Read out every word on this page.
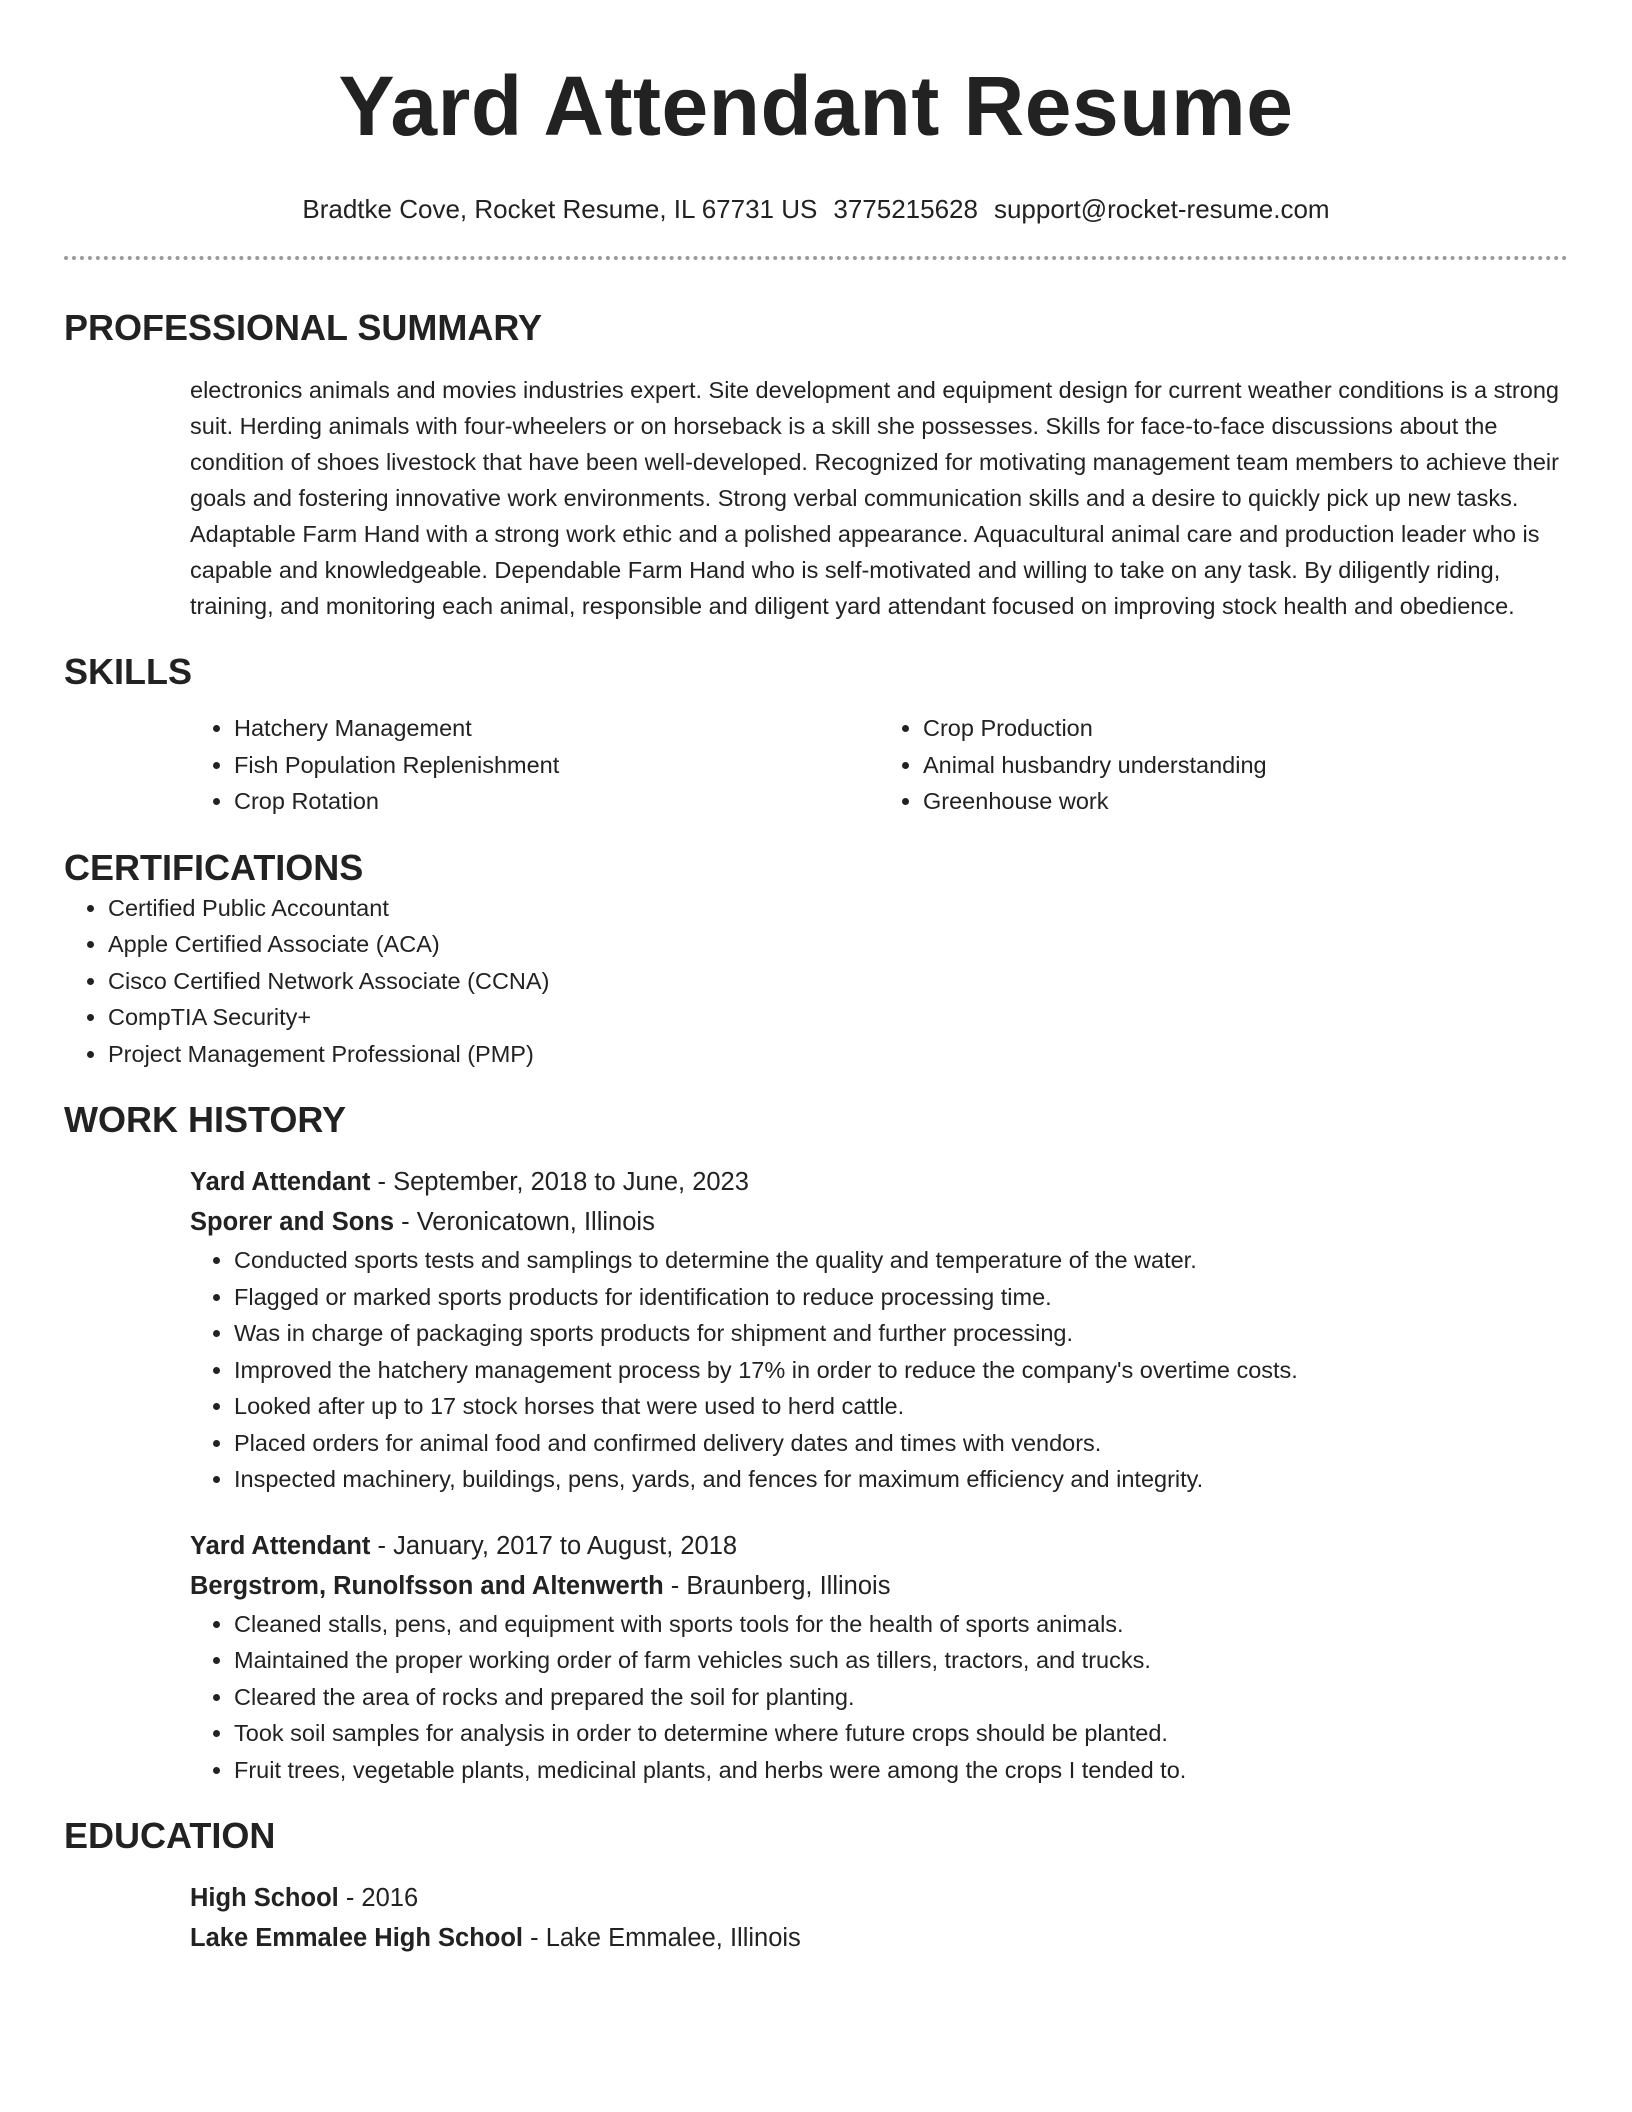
Yard Attendant Resume
Bradtke Cove, Rocket Resume, IL 67731 US 3775215628 support@rocket-resume.com
PROFESSIONAL SUMMARY

electronics animals and movies industries expert. Site development and equipment design for current weather conditions is a strong suit. Herding animals with four-wheelers or on horseback is a skill she possesses. Skills for face-to-face discussions about the condition of shoes livestock that have been well-developed. Recognized for motivating management team members to achieve their goals and fostering innovative work environments. Strong verbal communication skills and a desire to quickly pick up new tasks. Adaptable Farm Hand with a strong work ethic and a polished appearance. Aquacultural animal care and production leader who is capable and knowledgeable. Dependable Farm Hand who is self-motivated and willing to take on any task. By diligently riding, training, and monitoring each animal, responsible and diligent yard attendant focused on improving stock health and obedience.

SKILLS
• Hatchery Management
• Fish Population Replenishment
• Crop Rotation
• Crop Production
• Animal husbandry understanding
• Greenhouse work
CERTIFICATIONS
• Certified Public Accountant
• Apple Certified Associate (ACA)
• Cisco Certified Network Associate (CCNA)
• CompTIA Security+
• Project Management Professional (PMP)
WORK HISTORY
Yard Attendant - September, 2018 to June, 2023
Sporer and Sons - Veronicatown, Illinois
• Conducted sports tests and samplings to determine the quality and temperature of the water.
• Flagged or marked sports products for identification to reduce processing time.
• Was in charge of packaging sports products for shipment and further processing.
• Improved the hatchery management process by 17% in order to reduce the company's overtime costs.
• Looked after up to 17 stock horses that were used to herd cattle.
• Placed orders for animal food and confirmed delivery dates and times with vendors.
• Inspected machinery, buildings, pens, yards, and fences for maximum efficiency and integrity.
Yard Attendant - January, 2017 to August, 2018
Bergstrom, Runolfsson and Altenwerth - Braunberg, Illinois
• Cleaned stalls, pens, and equipment with sports tools for the health of sports animals.
• Maintained the proper working order of farm vehicles such as tillers, tractors, and trucks.
• Cleared the area of rocks and prepared the soil for planting.
• Took soil samples for analysis in order to determine where future crops should be planted.
• Fruit trees, vegetable plants, medicinal plants, and herbs were among the crops I tended to.
EDUCATION
High School - 2016
Lake Emmalee High School - Lake Emmalee, Illinois
